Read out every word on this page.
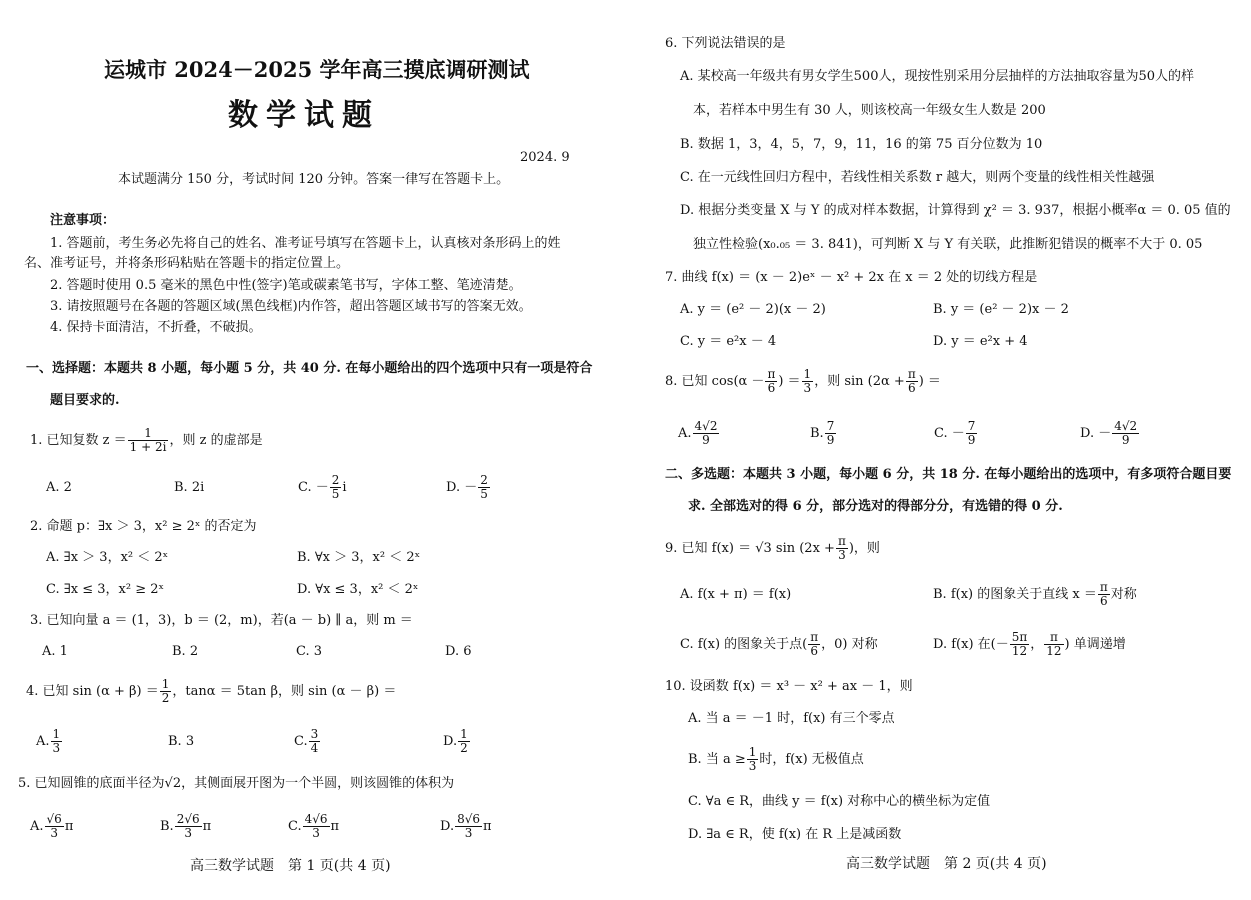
运城市 2024－2025 学年高三摸底调研测试
数学试题
2024. 9
本试题满分 150 分，考试时间 120 分钟。答案一律写在答题卡上。
注意事项：
1. 答题前，考生务必先将自己的姓名、准考证号填写在答题卡上，认真核对条形码上的姓
名、准考证号，并将条形码粘贴在答题卡的指定位置上。
2. 答题时使用 0.5 毫米的黑色中性(签字)笔或碳素笔书写，字体工整、笔迹清楚。
3. 请按照题号在各题的答题区域(黑色线框)内作答，超出答题区域书写的答案无效。
4. 保持卡面清洁，不折叠，不破损。
一、选择题：本题共 8 小题，每小题 5 分，共 40 分. 在每小题给出的四个选项中只有一项是符合
题目要求的.
1. 已知复数 $z = \frac{1}{1 + 2i}$ ，则 z 的虚部是
A. 2	B. 2i	C. － $\frac{2}{5}$ i	D. － $\frac{2}{5}$
2. 命题 p：∃x ＞ 3，x² ≥ 2ˣ 的否定为
A. ∃x ＞ 3，x² ＜ 2ˣ	B. ∀x ＞ 3，x² ＜ 2ˣ
C. ∃x ≤ 3，x² ≥ 2ˣ	D. ∀x ≤ 3，x² ＜ 2ˣ
3. 已知向量 a ＝ (1，3)，b ＝ (2，m)，若(a － b) ∥ a，则 m ＝
A. 1	B. 2	C. 3	D. 6
4. 已知 $\sin (\alpha + \beta) = \frac{1}{2}$ ，tanα ＝ 5tan β，则 sin (α － β) ＝
A. $\frac{1}{3}$	B. 3	C. $\frac{3}{4}$	D. $\frac{1}{2}$
5. 已知圆锥的底面半径为√2，其侧面展开图为一个半圆，则该圆锥的体积为
A. $\frac{√6}{3}$ π	B. $\frac{2√6}{3}$ π	C. $\frac{4√6}{3}$ π	D. $\frac{8√6}{3}$ π
高三数学试题　第 1 页(共 4 页)
6. 下列说法错误的是
A. 某校高一年级共有男女学生500人，现按性别采用分层抽样的方法抽取容量为50人的样
本，若样本中男生有 30 人，则该校高一年级女生人数是 200
B. 数据 1，3，4，5，7，9，11，16 的第 75 百分位数为 10
C. 在一元线性回归方程中，若线性相关系数 r 越大，则两个变量的线性相关性越强
D. 根据分类变量 X 与 Y 的成对样本数据，计算得到 χ² ＝ 3. 937，根据小概率α ＝ 0. 05 值的
独立性检验(x₀.₀₅ ＝ 3. 841)，可判断 X 与 Y 有关联，此推断犯错误的概率不大于 0. 05
7. 曲线 f(x) ＝ (x － 2)eˣ － x² + 2x 在 x ＝ 2 处的切线方程是
A. y ＝ (e² － 2)(x － 2)	B. y ＝ (e² － 2)x － 2
C. y ＝ e²x － 4	D. y ＝ e²x + 4
8. 已知 $\cos(\alpha - \frac{\pi}{6}$ ) ＝ $\frac{1}{3}$ ，则 $\sin (2\alpha + \frac{\pi}{6}$ ) ＝
A. $\frac{4√2}{9}$	B. $\frac{7}{9}$	C. － $\frac{7}{9}$	D. － $\frac{4√2}{9}$
二、多选题：本题共 3 小题，每小题 6 分，共 18 分. 在每小题给出的选项中，有多项符合题目要
求. 全部选对的得 6 分，部分选对的得部分分，有选错的得 0 分.
9. 已知 f(x) ＝ √3 $\sin (2x + \frac{\pi}{3}$ )，则
A. f(x + π) ＝ f(x)	B. f(x) 的图象关于直线 $x = \frac{\pi}{6}$ 对称
C. f(x) 的图象关于点( $\frac{\pi}{6}$ ，0) 对称	D. f(x) 在(－ $\frac{5\pi}{12}$ ， $\frac{\pi}{12}$ ) 单调递增
10. 设函数 f(x) ＝ x³ － x² + ax － 1，则
A. 当 a ＝ －1 时，f(x) 有三个零点
B. 当 $a \ge \frac{1}{3}$ 时，f(x) 无极值点
C. ∀a ∈ R，曲线 y ＝ f(x) 对称中心的横坐标为定值
D. ∃a ∈ R，使 f(x) 在 R 上是减函数
高三数学试题　第 2 页(共 4 页)
